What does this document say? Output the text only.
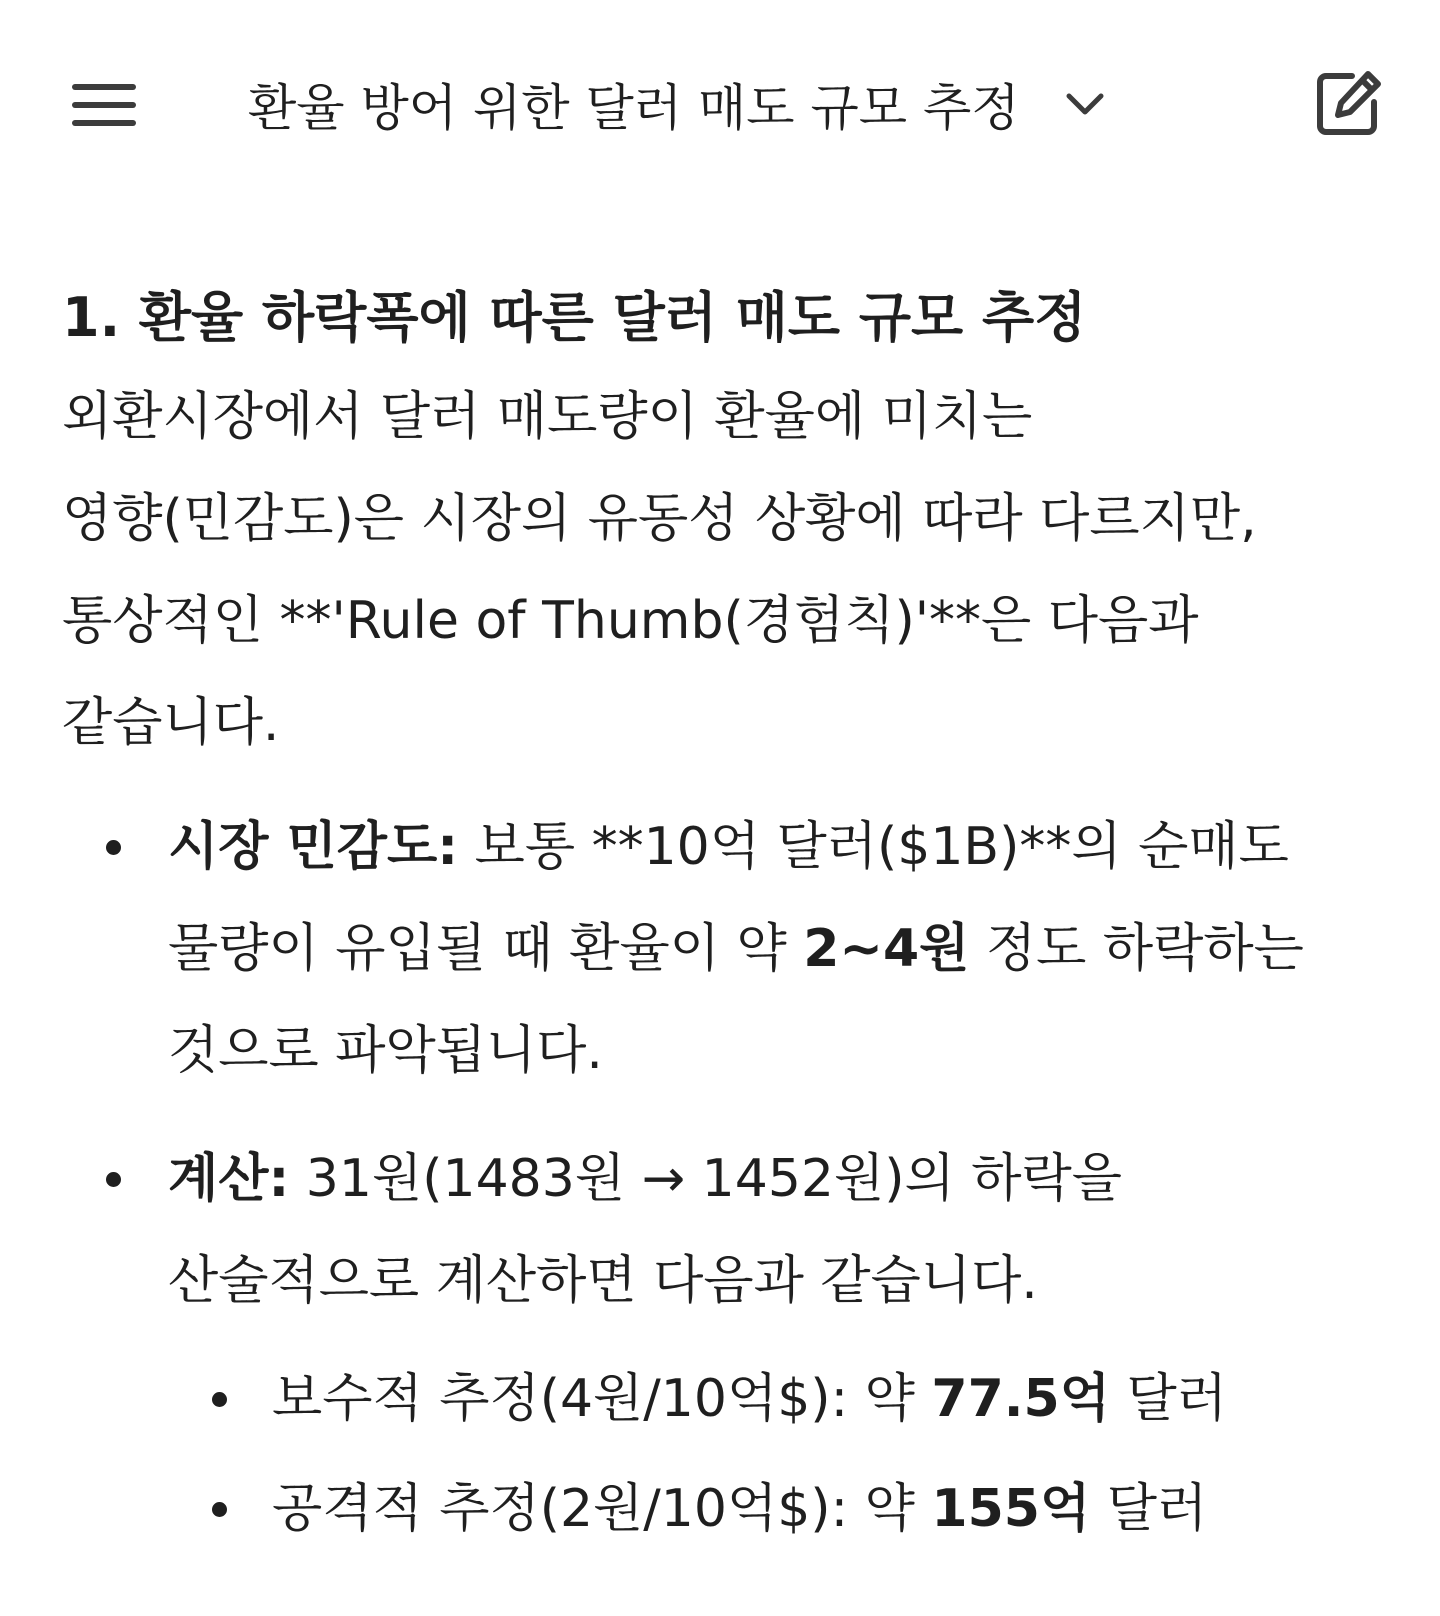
환율 방어 위한 달러 매도 규모 추정
1. 환율 하락폭에 따른 달러 매도 규모 추정
외환시장에서 달러 매도량이 환율에 미치는
영향(민감도)은 시장의 유동성 상황에 따라 다르지만,
통상적인 **'Rule of Thumb(경험칙)'**은 다음과
같습니다.
시장 민감도: 보통 **10억 달러($1B)**의 순매도
물량이 유입될 때 환율이 약 2~4원 정도 하락하는
것으로 파악됩니다.
계산: 31원(1483원 → 1452원)의 하락을
산술적으로 계산하면 다음과 같습니다.
보수적 추정(4원/10억$): 약 77.5억 달러
공격적 추정(2원/10억$): 약 155억 달러
